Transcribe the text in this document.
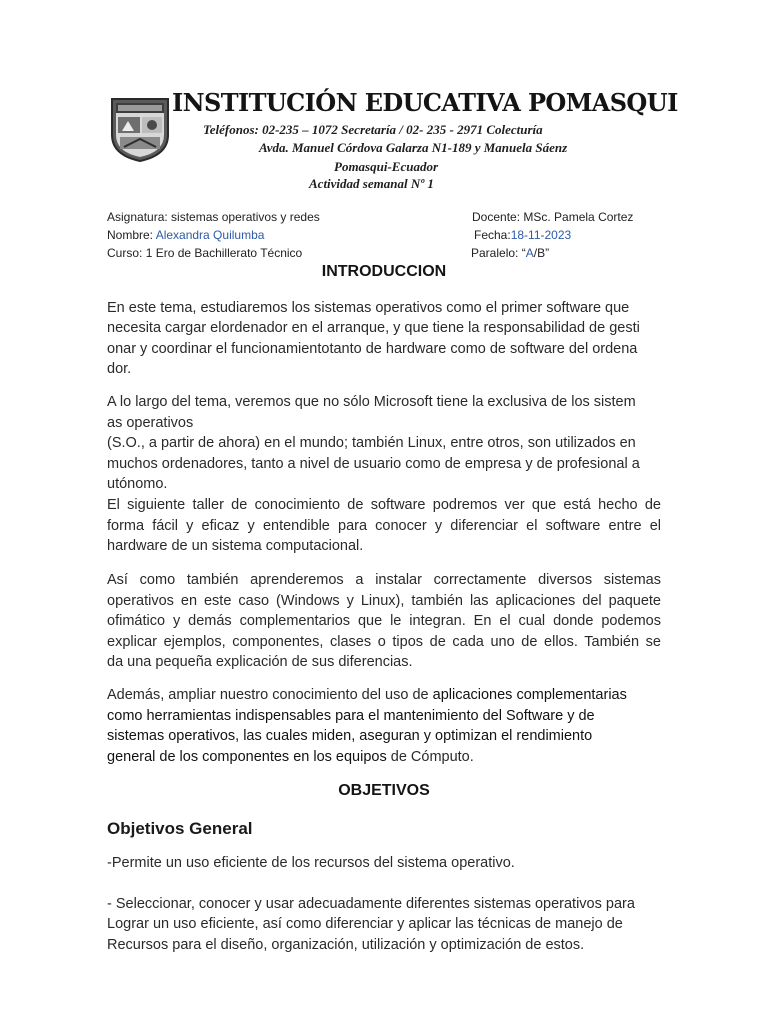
INSTITUCIÓN EDUCATIVA POMASQUI

Teléfonos: 02-235 – 1072 Secretaría / 02- 235 - 2971 Colecturía

Avda. Manuel Córdova Galarza N1-189 y Manuela Sáenz

Pomasqui-Ecuador

Actividad semanal Nº 1

Asignatura: sistemas operativos y redes	Docente: MSc. Pamela Cortez

Nombre: Alexandra Quilumba	Fecha:18-11-2023

Curso: 1 Ero de Bachillerato Técnico	Paralelo: “A/B”

INTRODUCCION

En este tema, estudiaremos los sistemas operativos como el primer software que

necesita cargar elordenador en el arranque, y que tiene la responsabilidad de gesti

onar y coordinar el funcionamientotanto de hardware como de software del ordena

dor.

A lo largo del tema, veremos que no sólo Microsoft tiene la exclusiva de los sistem

as operativos

(S.O., a partir de ahora) en el mundo; también Linux, entre otros, son utilizados en

muchos ordenadores, tanto a nivel de usuario como de empresa y de profesional a

utónomo.

El siguiente taller de conocimiento de software podremos ver que está hecho de

forma fácil y eficaz y entendible para conocer y diferenciar el software entre el

hardware de un sistema computacional.

Así como también aprenderemos a instalar correctamente diversos sistemas

operativos en este caso (Windows y Linux), también las aplicaciones del paquete

ofimático y demás complementarios que le integran. En el cual donde podemos

explicar ejemplos, componentes, clases o tipos de cada uno de ellos. También se

da una pequeña explicación de sus diferencias.

Además, ampliar nuestro conocimiento del uso de aplicaciones complementarias

como herramientas indispensables para el mantenimiento del Software y de

sistemas operativos, las cuales miden, aseguran y optimizan el rendimiento

general de los componentes en los equipos de Cómputo.

OBJETIVOS
Objetivos General

-Permite un uso eficiente de los recursos del sistema operativo.

- Seleccionar, conocer y usar adecuadamente diferentes sistemas operativos para

Lograr un uso eficiente, así como diferenciar y aplicar las técnicas de manejo de

Recursos para el diseño, organización, utilización y optimización de estos.
